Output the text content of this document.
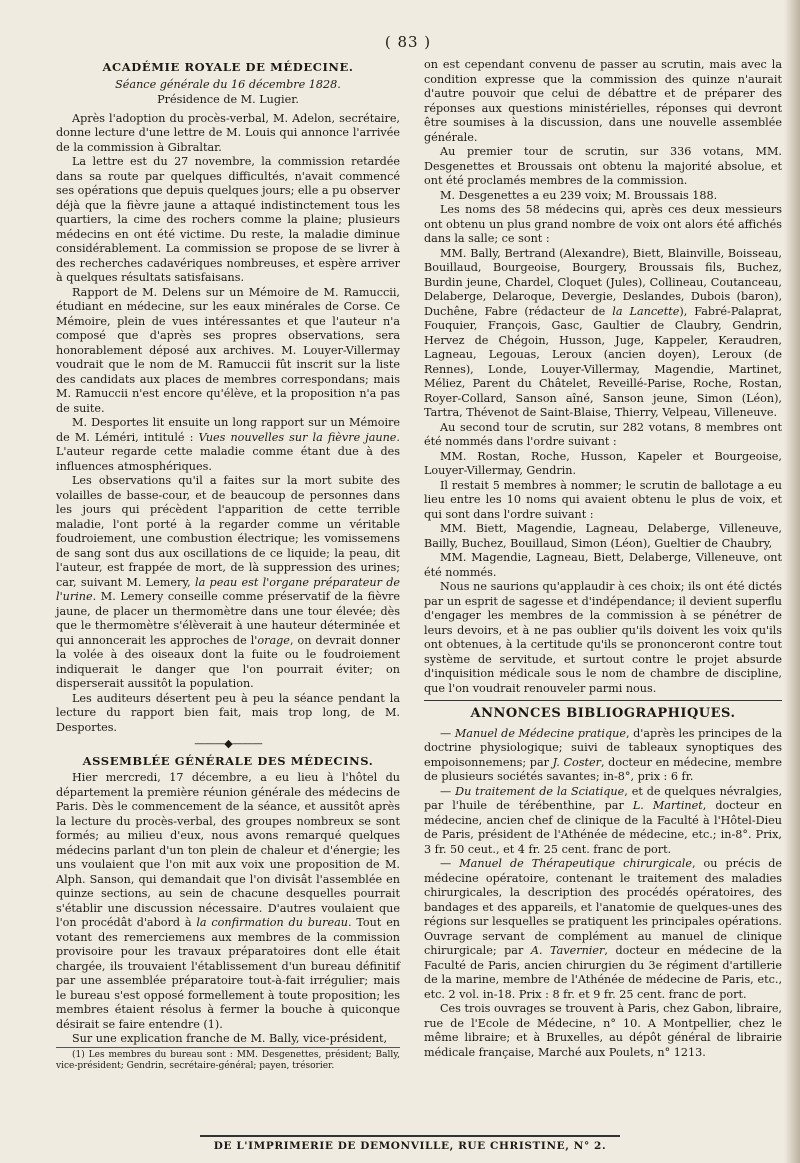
( 83 )
ACADÉMIE ROYALE DE MÉDECINE.
Séance générale du 16 décembre 1828.
Présidence de M. Lugier.

Après l'adoption du procès-verbal, M. Adelon, secrétaire, donne lecture d'une lettre de M. Louis qui annonce l'arrivée de la commission à Gibraltar.

La lettre est du 27 novembre, la commission retardée dans sa route par quelques difficultés, n'avait commencé ses opérations que depuis quelques jours; elle a pu observer déjà que la fièvre jaune a attaqué indistinctement tous les quartiers, la cime des rochers comme la plaine; plusieurs médecins en ont été victime. Du reste, la maladie diminue considérablement. La commission se propose de se livrer à des recherches cadavériques nombreuses, et espère arriver à quelques résultats satisfaisans.

Rapport de M. Delens sur un Mémoire de M. Ramuccii, étudiant en médecine, sur les eaux minérales de Corse. Ce Mémoire, plein de vues intéressantes et que l'auteur n'a composé que d'après ses propres observations, sera honorablement déposé aux archives. M. Louyer-Villermay voudrait que le nom de M. Ramuccii fût inscrit sur la liste des candidats aux places de membres correspondans; mais M. Ramuccii n'est encore qu'élève, et la proposition n'a pas de suite.

M. Desportes lit ensuite un long rapport sur un Mémoire de M. Léméri, intitulé : Vues nouvelles sur la fièvre jaune. L'auteur regarde cette maladie comme étant due à des influences atmosphériques.

Les observations qu'il a faites sur la mort subite des volailles de basse-cour, et de beaucoup de personnes dans les jours qui précèdent l'apparition de cette terrible maladie, l'ont porté à la regarder comme un véritable foudroiement, une combustion électrique; les vomissemens de sang sont dus aux oscillations de ce liquide; la peau, dit l'auteur, est frappée de mort, de là suppression des urines; car, suivant M. Lemery, la peau est l'organe préparateur de l'urine. M. Lemery conseille comme préservatif de la fièvre jaune, de placer un thermomètre dans une tour élevée; dès que le thermomètre s'élèverait à une hauteur déterminée et qui annoncerait les approches de l'orage, on devrait donner la volée à des oiseaux dont la fuite ou le foudroiement indiquerait le danger que l'on pourrait éviter; on disperserait aussitôt la population.

Les auditeurs désertent peu à peu la séance pendant la lecture du rapport bien fait, mais trop long, de M. Desportes.

———◆———
ASSEMBLÉE GÉNÉRALE DES MÉDECINS.

Hier mercredi, 17 décembre, a eu lieu à l'hôtel du département la première réunion générale des médecins de Paris. Dès le commencement de la séance, et aussitôt après la lecture du procès-verbal, des groupes nombreux se sont formés; au milieu d'eux, nous avons remarqué quelques médecins parlant d'un ton plein de chaleur et d'énergie; les uns voulaient que l'on mit aux voix une proposition de M. Alph. Sanson, qui demandait que l'on divisât l'assemblée en quinze sections, au sein de chacune desquelles pourrait s'établir une discussion nécessaire. D'autres voulaient que l'on procédât d'abord à la confirmation du bureau. Tout en votant des remerciemens aux membres de la commission provisoire pour les travaux préparatoires dont elle était chargée, ils trouvaient l'établissement d'un bureau définitif par une assemblée préparatoire tout-à-fait irrégulier; mais le bureau s'est opposé formellement à toute proposition; les membres étaient résolus à fermer la bouche à quiconque désirait se faire entendre (1).

Sur une explication franche de M. Bally, vice-président,

(1) Les membres du bureau sont : MM. Desgenettes, président; Bally, vice-président; Gendrin, secrétaire-général; payen, trésorier.

on est cependant convenu de passer au scrutin, mais avec la condition expresse que la commission des quinze n'aurait d'autre pouvoir que celui de débattre et de préparer des réponses aux questions ministérielles, réponses qui devront être soumises à la discussion, dans une nouvelle assemblée générale.

Au premier tour de scrutin, sur 336 votans, MM. Desgenettes et Broussais ont obtenu la majorité absolue, et ont été proclamés membres de la commission.

M. Desgenettes a eu 239 voix; M. Broussais 188.

Les noms des 58 médecins qui, après ces deux messieurs ont obtenu un plus grand nombre de voix ont alors été affichés dans la salle; ce sont :

MM. Bally, Bertrand (Alexandre), Biett, Blainville, Boisseau, Bouillaud, Bourgeoise, Bourgery, Broussais fils, Buchez, Burdin jeune, Chardel, Cloquet (Jules), Collineau, Coutanceau, Delaberge, Delaroque, Devergie, Deslandes, Dubois (baron), Duchêne, Fabre (rédacteur de la Lancette), Fabré-Palaprat, Fouquier, François, Gasc, Gaultier de Claubry, Gendrin, Hervez de Chégoin, Husson, Juge, Kappeler, Keraudren, Lagneau, Legouas, Leroux (ancien doyen), Leroux (de Rennes), Londe, Louyer-Villermay, Magendie, Martinet, Méliez, Parent du Châtelet, Reveillé-Parise, Roche, Rostan, Royer-Collard, Sanson aîné, Sanson jeune, Simon (Léon), Tartra, Thévenot de Saint-Blaise, Thierry, Velpeau, Villeneuve.

Au second tour de scrutin, sur 282 votans, 8 membres ont été nommés dans l'ordre suivant :

MM. Rostan, Roche, Husson, Kapeler et Bourgeoise, Louyer-Villermay, Gendrin.

Il restait 5 membres à nommer; le scrutin de ballotage a eu lieu entre les 10 noms qui avaient obtenu le plus de voix, et qui sont dans l'ordre suivant :

MM. Biett, Magendie, Lagneau, Delaberge, Villeneuve, Bailly, Buchez, Bouillaud, Simon (Léon), Gueltier de Chaubry,

MM. Magendie, Lagneau, Biett, Delaberge, Villeneuve, ont été nommés.

Nous ne saurions qu'applaudir à ces choix; ils ont été dictés par un esprit de sagesse et d'indépendance; il devient superflu d'engager les membres de la commission à se pénétrer de leurs devoirs, et à ne pas oublier qu'ils doivent les voix qu'ils ont obtenues, à la certitude qu'ils se prononceront contre tout système de servitude, et surtout contre le projet absurde d'inquisition médicale sous le nom de chambre de discipline, que l'on voudrait renouveler parmi nous.

ANNONCES BIBLIOGRAPHIQUES.

— Manuel de Médecine pratique, d'après les principes de la doctrine physiologique; suivi de tableaux synoptiques des empoisonnemens; par J. Coster, docteur en médecine, membre de plusieurs sociétés savantes; in-8°, prix : 6 fr.

— Du traitement de la Sciatique, et de quelques névralgies, par l'huile de térébenthine, par L. Martinet, docteur en médecine, ancien chef de clinique de la Faculté à l'Hôtel-Dieu de Paris, président de l'Athénée de médecine, etc.; in-8°. Prix, 3 fr. 50 ceut., et 4 fr. 25 cent. franc de port.

— Manuel de Thérapeutique chirurgicale, ou précis de médecine opératoire, contenant le traitement des maladies chirurgicales, la description des procédés opératoires, des bandages et des appareils, et l'anatomie de quelques-unes des régions sur lesquelles se pratiquent les principales opérations. Ouvrage servant de complément au manuel de clinique chirurgicale; par A. Tavernier, docteur en médecine de la Faculté de Paris, ancien chirurgien du 3e régiment d'artillerie de la marine, membre de l'Athénée de médecine de Paris, etc., etc. 2 vol. in-18. Prix : 8 fr. et 9 fr. 25 cent. franc de port.

Ces trois ouvrages se trouvent à Paris, chez Gabon, libraire, rue de l'Ecole de Médecine, n° 10. A Montpellier, chez le même libraire; et à Bruxelles, au dépôt général de librairie médicale française, Marché aux Poulets, n° 1213.

DE L'IMPRIMERIE DE DEMONVILLE, RUE CHRISTINE, N° 2.
